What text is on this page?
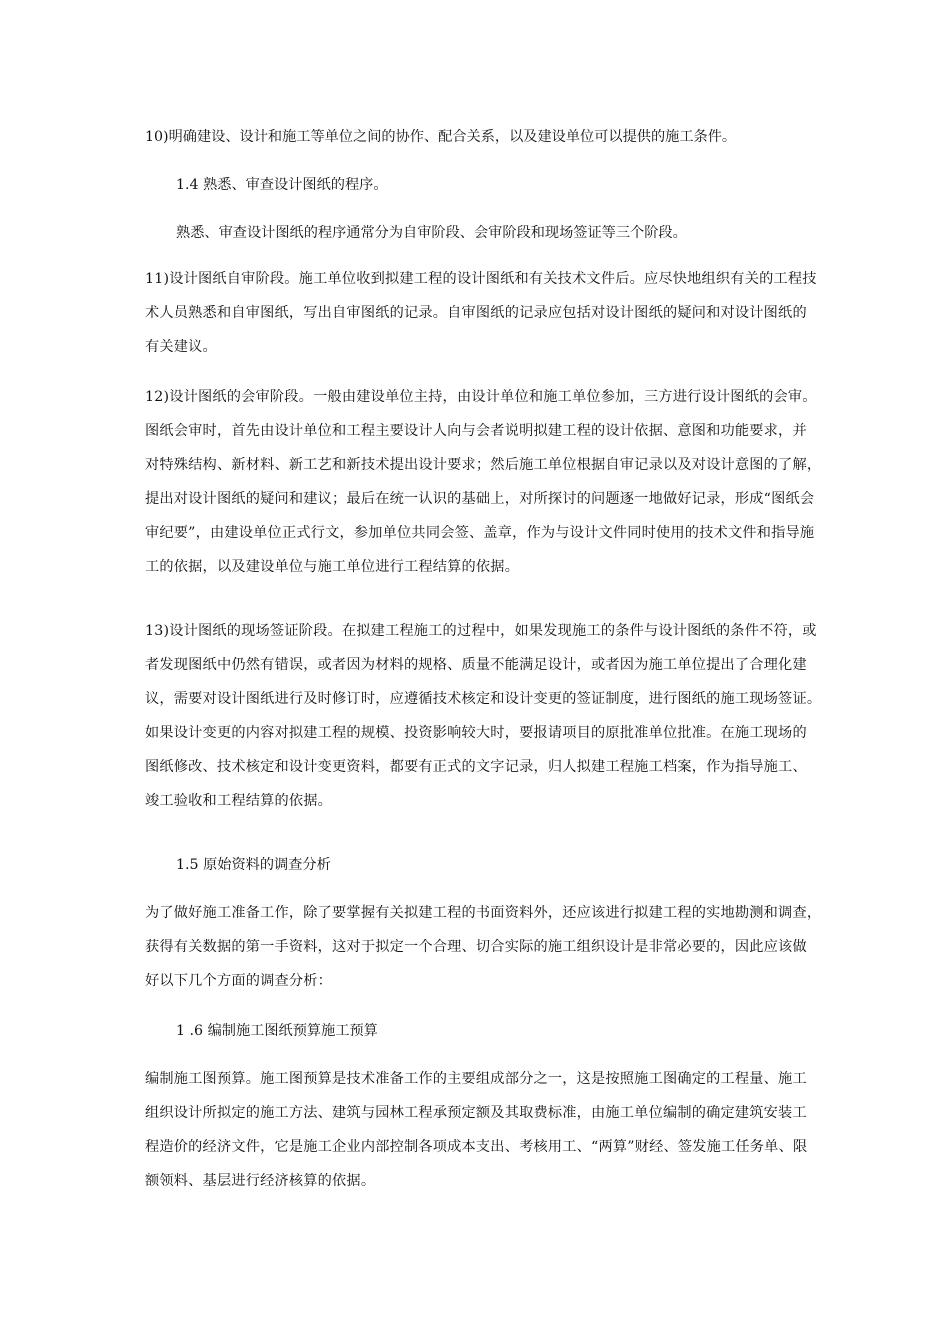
10)明确建设、设计和施工等单位之间的协作、配合关系，以及建设单位可以提供的施工条件。

1.4 熟悉、审查设计图纸的程序。

熟悉、审查设计图纸的程序通常分为自审阶段、会审阶段和现场签证等三个阶段。

11)设计图纸自审阶段。施工单位收到拟建工程的设计图纸和有关技术文件后。应尽快地组织有关的工程技
术人员熟悉和自审图纸，写出自审图纸的记录。自审图纸的记录应包括对设计图纸的疑问和对设计图纸的
有关建议。
12)设计图纸的会审阶段。一般由建设单位主持，由设计单位和施工单位参加，三方进行设计图纸的会审。
图纸会审时，首先由设计单位和工程主要设计人向与会者说明拟建工程的设计依据、意图和功能要求，并
对特殊结构、新材料、新工艺和新技术提出设计要求；然后施工单位根据自审记录以及对设计意图的了解，
提出对设计图纸的疑问和建议；最后在统一认识的基础上，对所探讨的问题逐一地做好记录，形成“图纸会
审纪要”，由建设单位正式行文，参加单位共同会签、盖章，作为与设计文件同时使用的技术文件和指导施
工的依据，以及建设单位与施工单位进行工程结算的依据。
13)设计图纸的现场签证阶段。在拟建工程施工的过程中，如果发现施工的条件与设计图纸的条件不符，或
者发现图纸中仍然有错误，或者因为材料的规格、质量不能满足设计，或者因为施工单位提出了合理化建
议，需要对设计图纸进行及时修订时，应遵循技术核定和设计变更的签证制度，进行图纸的施工现场签证。
如果设计变更的内容对拟建工程的规模、投资影响较大时，要报请项目的原批准单位批准。在施工现场的
图纸修改、技术核定和设计变更资料，都要有正式的文字记录，归人拟建工程施工档案，作为指导施工、
竣工验收和工程结算的依据。

1.5 原始资料的调查分析

为了做好施工准备工作，除了要掌握有关拟建工程的书面资料外，还应该进行拟建工程的实地勘测和调查，
获得有关数据的第一手资料，这对于拟定一个合理、切合实际的施工组织设计是非常必要的，因此应该做
好以下几个方面的调查分析：

1 .6 编制施工图纸预算施工预算

编制施工图预算。施工图预算是技术准备工作的主要组成部分之一，这是按照施工图确定的工程量、施工
组织设计所拟定的施工方法、建筑与园林工程承预定额及其取费标准，由施工单位编制的确定建筑安装工
程造价的经济文件，它是施工企业内部控制各项成本支出、考核用工、“两算”财经、签发施工任务单、限
额领料、基层进行经济核算的依据。
